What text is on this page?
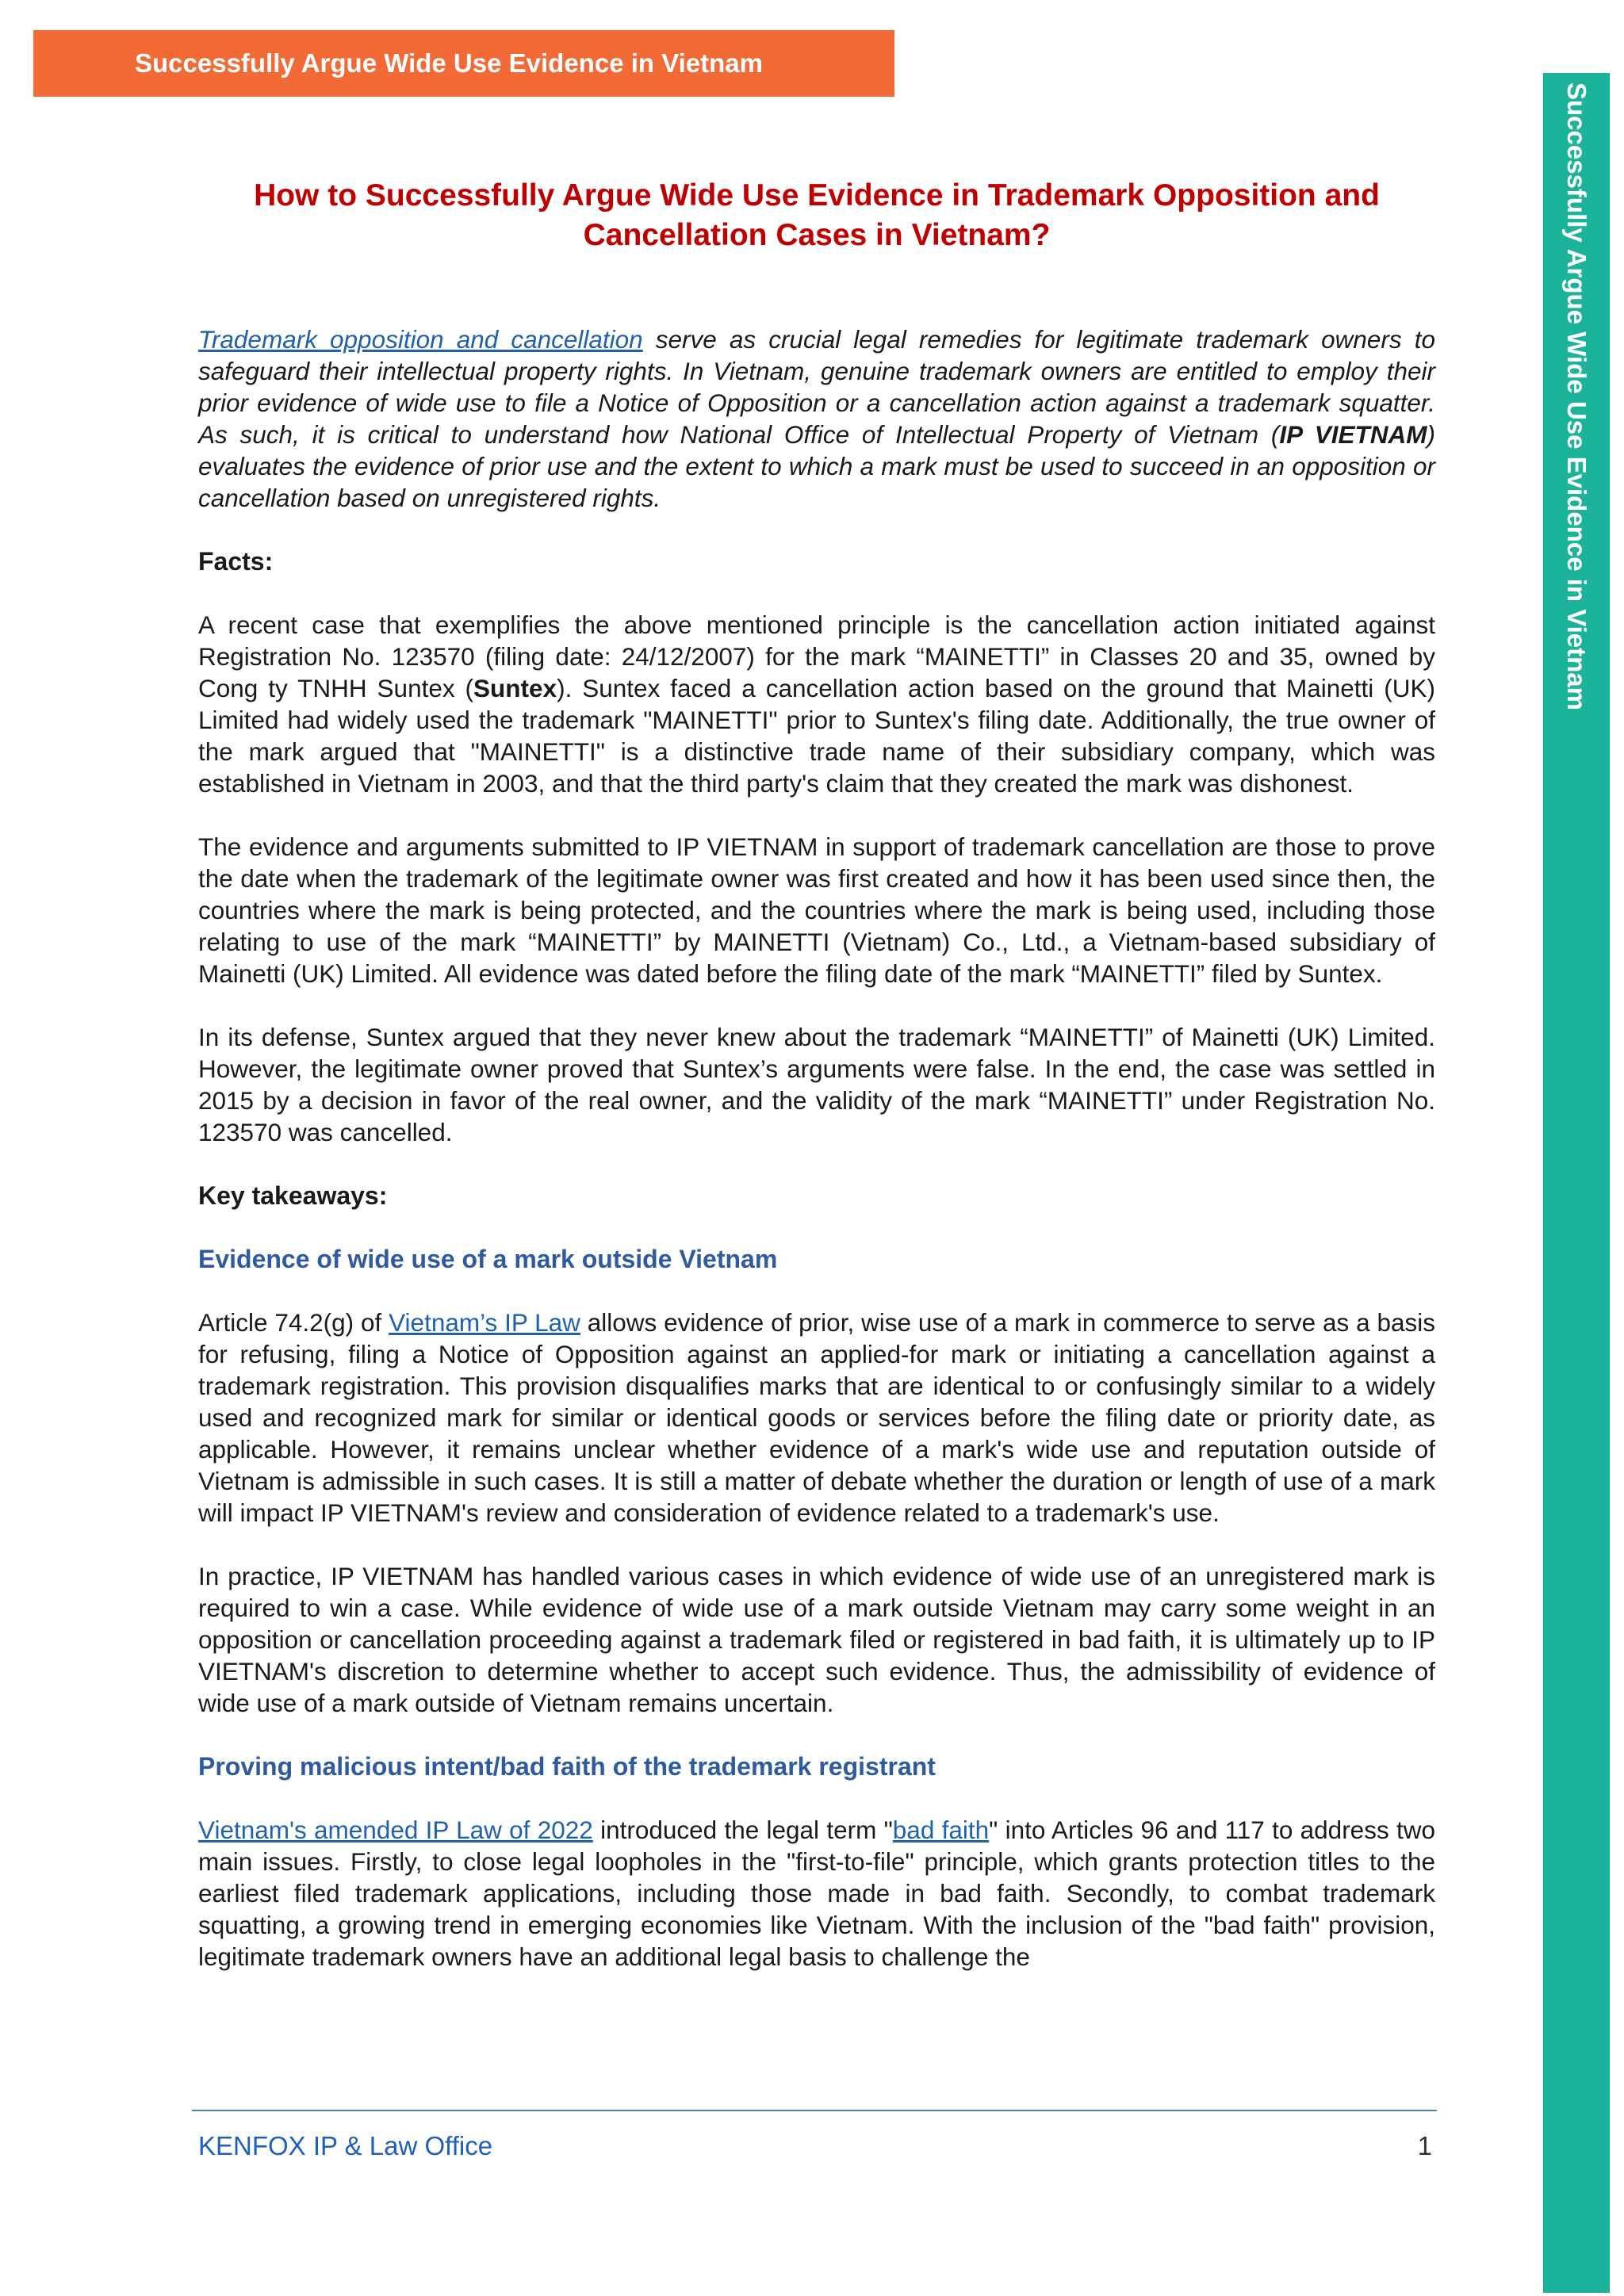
Successfully Argue Wide Use Evidence in Vietnam
Successfully Argue Wide Use Evidence in Vietnam
How to Successfully Argue Wide Use Evidence in Trademark Opposition and Cancellation Cases in Vietnam?

Trademark opposition and cancellation serve as crucial legal remedies for legitimate trademark owners to safeguard their intellectual property rights. In Vietnam, genuine trademark owners are entitled to employ their prior evidence of wide use to file a Notice of Opposition or a cancellation action against a trademark squatter. As such, it is critical to understand how National Office of Intellectual Property of Vietnam (IP VIETNAM) evaluates the evidence of prior use and the extent to which a mark must be used to succeed in an opposition or cancellation based on unregistered rights.

Facts:

A recent case that exemplifies the above mentioned principle is the cancellation action initiated against Registration No. 123570 (filing date: 24/12/2007) for the mark “MAINETTI” in Classes 20 and 35, owned by Cong ty TNHH Suntex (Suntex). Suntex faced a cancellation action based on the ground that Mainetti (UK) Limited had widely used the trademark "MAINETTI" prior to Suntex's filing date. Additionally, the true owner of the mark argued that "MAINETTI" is a distinctive trade name of their subsidiary company, which was established in Vietnam in 2003, and that the third party's claim that they created the mark was dishonest.

The evidence and arguments submitted to IP VIETNAM in support of trademark cancellation are those to prove the date when the trademark of the legitimate owner was first created and how it has been used since then, the countries where the mark is being protected, and the countries where the mark is being used, including those relating to use of the mark “MAINETTI” by MAINETTI (Vietnam) Co., Ltd., a Vietnam-based subsidiary of Mainetti (UK) Limited. All evidence was dated before the filing date of the mark “MAINETTI” filed by Suntex.

In its defense, Suntex argued that they never knew about the trademark “MAINETTI” of Mainetti (UK) Limited. However, the legitimate owner proved that Suntex’s arguments were false. In the end, the case was settled in 2015 by a decision in favor of the real owner, and the validity of the mark “MAINETTI” under Registration No. 123570 was cancelled.

Key takeaways:

Evidence of wide use of a mark outside Vietnam

Article 74.2(g) of Vietnam’s IP Law allows evidence of prior, wise use of a mark in commerce to serve as a basis for refusing, filing a Notice of Opposition against an applied-for mark or initiating a cancellation against a trademark registration. This provision disqualifies marks that are identical to or confusingly similar to a widely used and recognized mark for similar or identical goods or services before the filing date or priority date, as applicable. However, it remains unclear whether evidence of a mark's wide use and reputation outside of Vietnam is admissible in such cases. It is still a matter of debate whether the duration or length of use of a mark will impact IP VIETNAM's review and consideration of evidence related to a trademark's use.

In practice, IP VIETNAM has handled various cases in which evidence of wide use of an unregistered mark is required to win a case. While evidence of wide use of a mark outside Vietnam may carry some weight in an opposition or cancellation proceeding against a trademark filed or registered in bad faith, it is ultimately up to IP VIETNAM's discretion to determine whether to accept such evidence. Thus, the admissibility of evidence of wide use of a mark outside of Vietnam remains uncertain.

Proving malicious intent/bad faith of the trademark registrant

Vietnam's amended IP Law of 2022 introduced the legal term "bad faith" into Articles 96 and 117 to address two main issues. Firstly, to close legal loopholes in the "first-to-file" principle, which grants protection titles to the earliest filed trademark applications, including those made in bad faith. Secondly, to combat trademark squatting, a growing trend in emerging economies like Vietnam. With the inclusion of the "bad faith" provision, legitimate trademark owners have an additional legal basis to challenge the

KENFOX IP & Law Office	1
